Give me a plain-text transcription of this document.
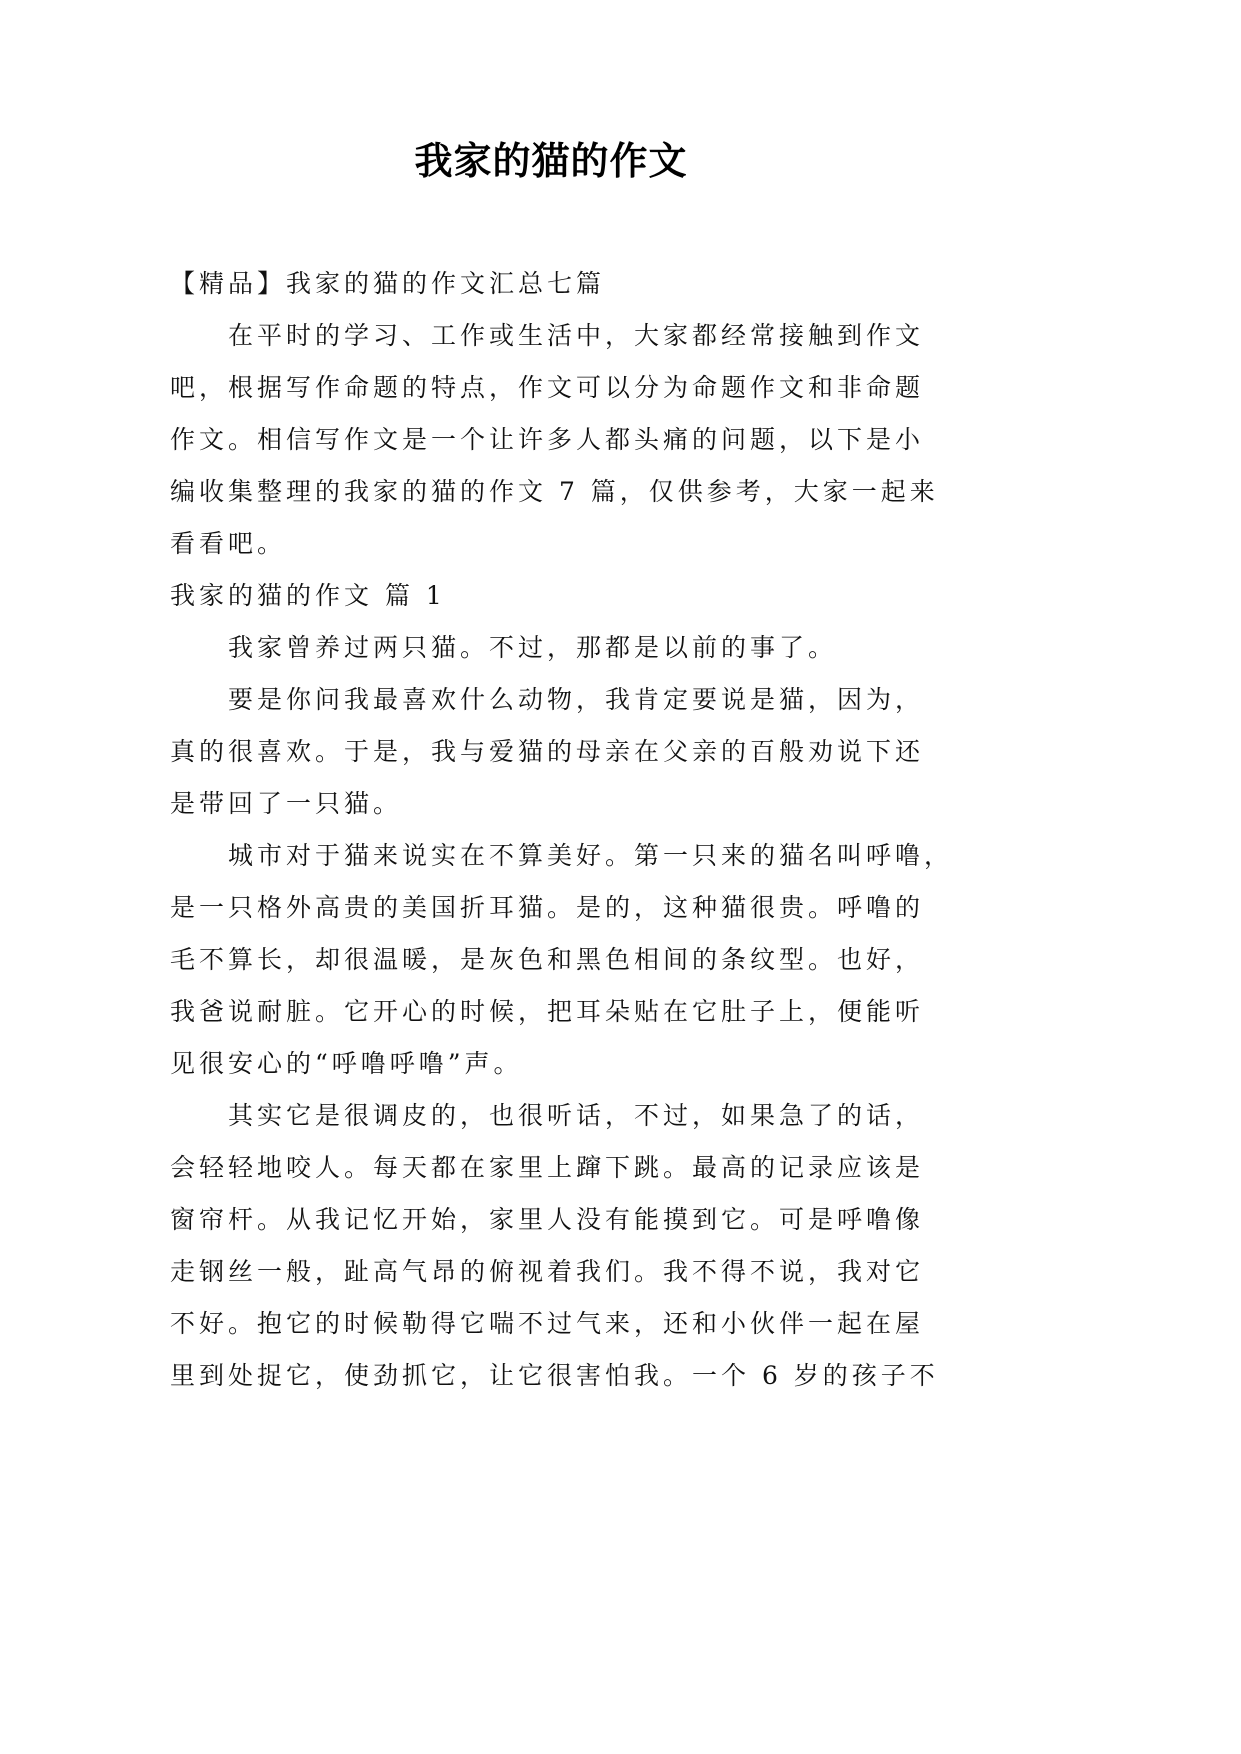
我家的猫的作文
【精品】我家的猫的作文汇总七篇
在平时的学习、工作或生活中，大家都经常接触到作文
吧，根据写作命题的特点，作文可以分为命题作文和非命题
作文。相信写作文是一个让许多人都头痛的问题，以下是小
编收集整理的我家的猫的作文 7 篇，仅供参考，大家一起来
看看吧。
我家的猫的作文 篇 1
我家曾养过两只猫。不过，那都是以前的事了。
要是你问我最喜欢什么动物，我肯定要说是猫，因为，
真的很喜欢。于是，我与爱猫的母亲在父亲的百般劝说下还
是带回了一只猫。
城市对于猫来说实在不算美好。第一只来的猫名叫呼噜，
是一只格外高贵的美国折耳猫。是的，这种猫很贵。呼噜的
毛不算长，却很温暖，是灰色和黑色相间的条纹型。也好，
我爸说耐脏。它开心的时候，把耳朵贴在它肚子上，便能听
见很安心的“呼噜呼噜”声。
其实它是很调皮的，也很听话，不过，如果急了的话，
会轻轻地咬人。每天都在家里上蹿下跳。最高的记录应该是
窗帘杆。从我记忆开始，家里人没有能摸到它。可是呼噜像
走钢丝一般，趾高气昂的俯视着我们。我不得不说，我对它
不好。抱它的时候勒得它喘不过气来，还和小伙伴一起在屋
里到处捉它，使劲抓它，让它很害怕我。一个 6 岁的孩子不
